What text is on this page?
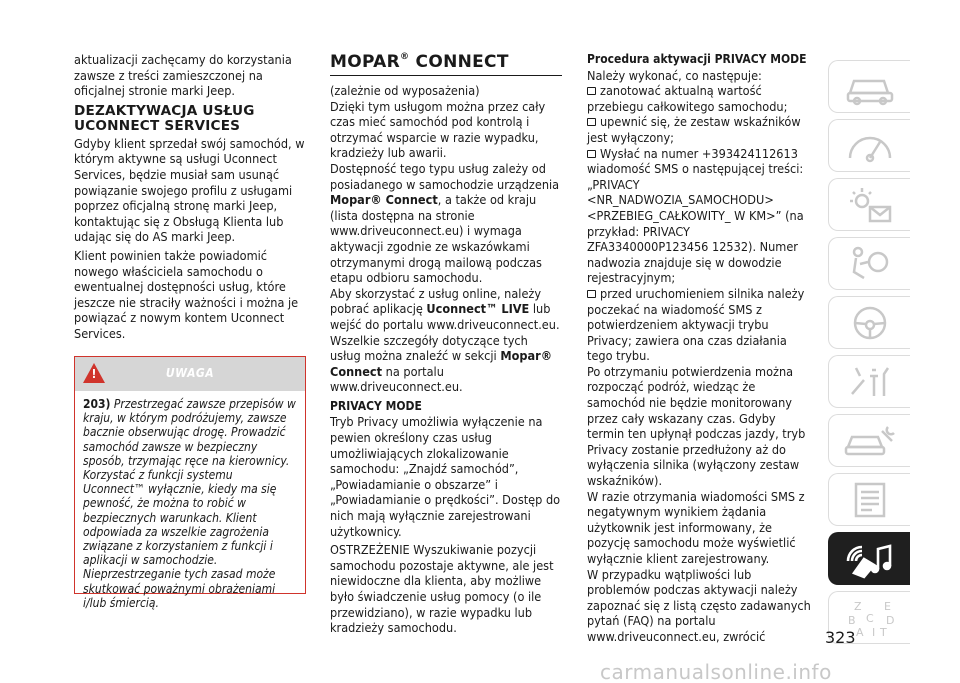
aktualizacji zachęcamy do korzystania zawsze z treści zamieszczonej na oficjalnej stronie marki Jeep.

DEZAKTYWACJA USŁUG UCONNECT SERVICES

Gdyby klient sprzedał swój samochód, w którym aktywne są usługi Uconnect Services, będzie musiał sam usunąć powiązanie swojego profilu z usługami poprzez oficjalną stronę marki Jeep, kontaktując się z Obsługą Klienta lub udając się do AS marki Jeep.

Klient powinien także powiadomić nowego właściciela samochodu o ewentualnej dostępności usług, które jeszcze nie straciły ważności i można je powiązać z nowym kontem Uconnect Services.

!	UWAGA
203) Przestrzegać zawsze przepisów w kraju, w którym podróżujemy, zawsze bacznie obserwując drogę. Prowadzić samochód zawsze w bezpieczny sposób, trzymając ręce na kierownicy. Korzystać z funkcji systemu Uconnect™ wyłącznie, kiedy ma się pewność, że można to robić w bezpiecznych warunkach. Klient odpowiada za wszelkie zagrożenia związane z korzystaniem z funkcji i aplikacji w samochodzie. Nieprzestrzeganie tych zasad może skutkować poważnymi obrażeniami i/lub śmiercią.
MOPAR® CONNECT

(zależnie od wyposażenia)

Dzięki tym usługom można przez cały czas mieć samochód pod kontrolą i otrzymać wsparcie w razie wypadku, kradzieży lub awarii.

Dostępność tego typu usług zależy od posiadanego w samochodzie urządzenia Mopar® Connect, a także od kraju (lista dostępna na stronie www.driveuconnect.eu) i wymaga aktywacji zgodnie ze wskazówkami otrzymanymi drogą mailową podczas etapu odbioru samochodu.

Aby skorzystać z usług online, należy pobrać aplikację Uconnect™ LIVE lub wejść do portalu www.driveuconnect.eu.

Wszelkie szczegóły dotyczące tych usług można znaleźć w sekcji Mopar® Connect na portalu www.driveuconnect.eu.

PRIVACY MODE

Tryb Privacy umożliwia wyłączenie na pewien określony czas usług umożliwiających zlokalizowanie samochodu: „Znajdź samochód”, „Powiadamianie o obszarze” i „Powiadamianie o prędkości”. Dostęp do nich mają wyłącznie zarejestrowani użytkownicy.

OSTRZEŻENIE Wyszukiwanie pozycji samochodu pozostaje aktywne, ale jest niewidoczne dla klienta, aby możliwe było świadczenie usług pomocy (o ile przewidziano), w razie wypadku lub kradzieży samochodu.

Procedura aktywacji PRIVACY MODE

Należy wykonać, co następuje:

zanotować aktualną wartość przebiegu całkowitego samochodu;

upewnić się, że zestaw wskaźników jest wyłączony;

Wysłać na numer +393424112613 wiadomość SMS o następującej treści: „PRIVACY <NR_NADWOZIA_SAMOCHODU> <PRZEBIEG_CAŁKOWITY_ W KM>” (na przykład: PRIVACY ZFA3340000P123456 12532). Numer nadwozia znajduje się w dowodzie rejestracyjnym;

przed uruchomieniem silnika należy poczekać na wiadomość SMS z potwierdzeniem aktywacji trybu Privacy; zawiera ona czas działania tego trybu.

Po otrzymaniu potwierdzenia można rozpocząć podróż, wiedząc że samochód nie będzie monitorowany przez cały wskazany czas. Gdyby termin ten upłynął podczas jazdy, tryb Privacy zostanie przedłużony aż do wyłączenia silnika (wyłączony zestaw wskaźników).

W razie otrzymania wiadomości SMS z negatywnym wynikiem żądania użytkownik jest informowany, że pozycję samochodu może wyświetlić wyłącznie klient zarejestrowany.

W przypadku wątpliwości lub problemów podczas aktywacji należy zapoznać się z listą często zadawanych pytań (FAQ) na portalu www.driveuconnect.eu, zwrócić

Z E
B C D
A I T
323
carmanualsonline.info
